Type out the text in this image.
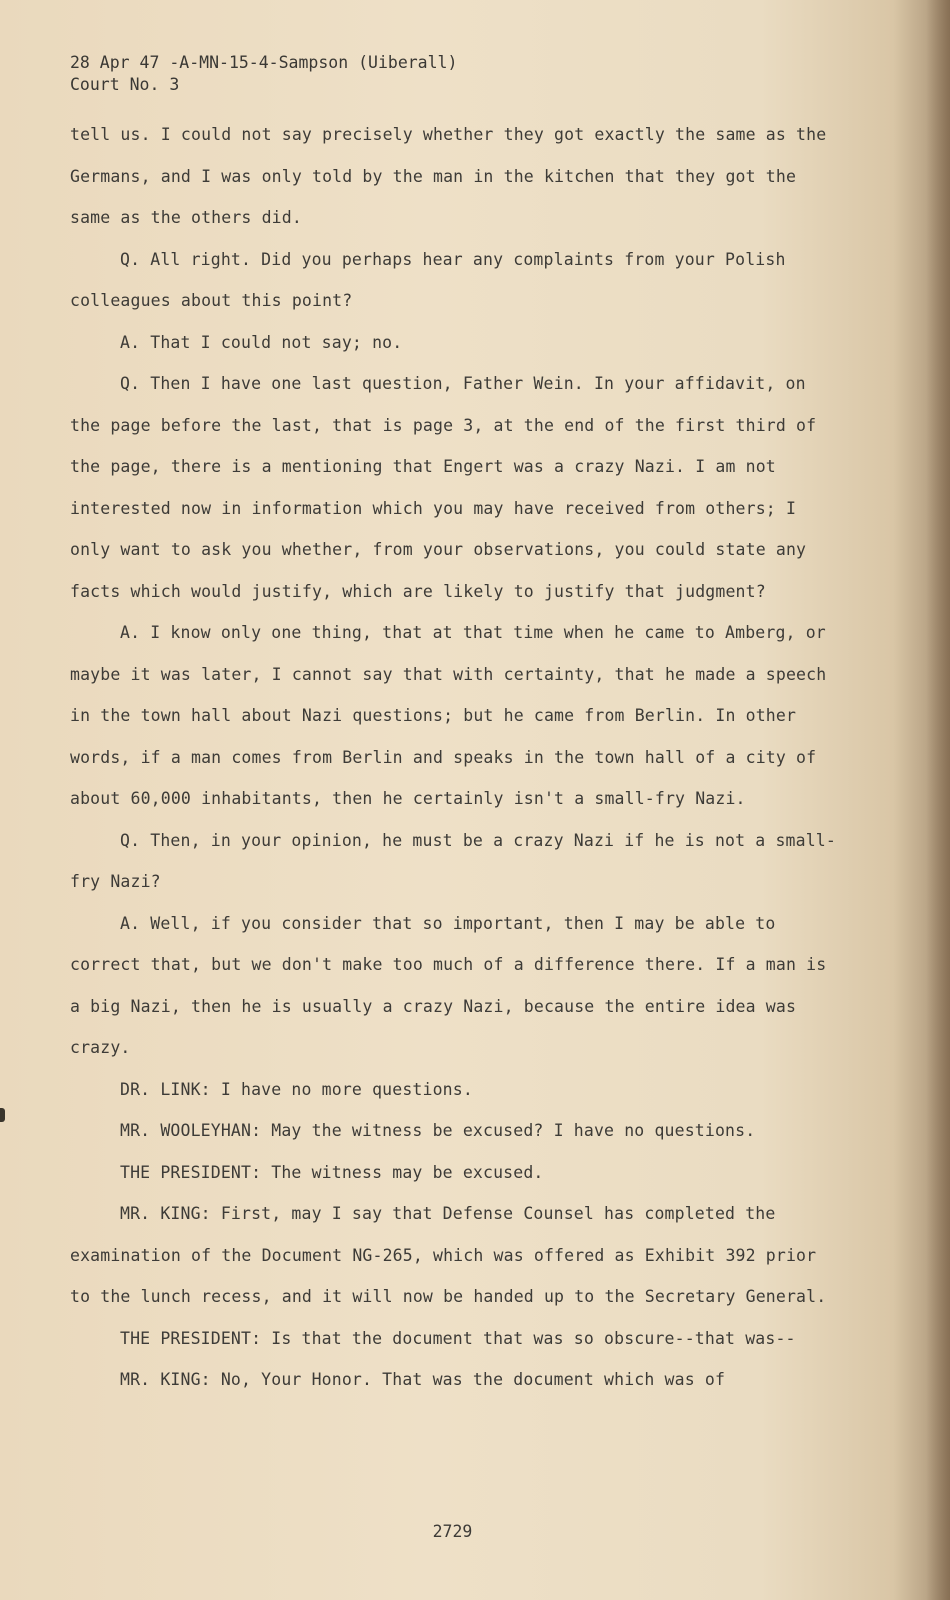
28 Apr 47 -A-MN-15-4-Sampson (Uiberall)
Court No. 3

tell us. I could not say precisely whether they got exactly the same as the Germans, and I was only told by the man in the kitchen that they got the same as the others did.

Q. All right. Did you perhaps hear any complaints from your Polish colleagues about this point?

A. That I could not say; no.

Q. Then I have one last question, Father Wein. In your affidavit, on the page before the last, that is page 3, at the end of the first third of the page, there is a mentioning that Engert was a crazy Nazi. I am not interested now in information which you may have received from others; I only want to ask you whether, from your observations, you could state any facts which would justify, which are likely to justify that judgment?

A. I know only one thing, that at that time when he came to Amberg, or maybe it was later, I cannot say that with certainty, that he made a speech in the town hall about Nazi questions; but he came from Berlin. In other words, if a man comes from Berlin and speaks in the town hall of a city of about 60,000 inhabitants, then he certainly isn't a small-fry Nazi.

Q. Then, in your opinion, he must be a crazy Nazi if he is not a small-fry Nazi?

A. Well, if you consider that so important, then I may be able to correct that, but we don't make too much of a difference there. If a man is a big Nazi, then he is usually a crazy Nazi, because the entire idea was crazy.

DR. LINK: I have no more questions.

MR. WOOLEYHAN: May the witness be excused? I have no questions.

THE PRESIDENT: The witness may be excused.

MR. KING: First, may I say that Defense Counsel has completed the examination of the Document NG-265, which was offered as Exhibit 392 prior to the lunch recess, and it will now be handed up to the Secretary General.

THE PRESIDENT: Is that the document that was so obscure--that was--

MR. KING: No, Your Honor. That was the document which was of

2729
